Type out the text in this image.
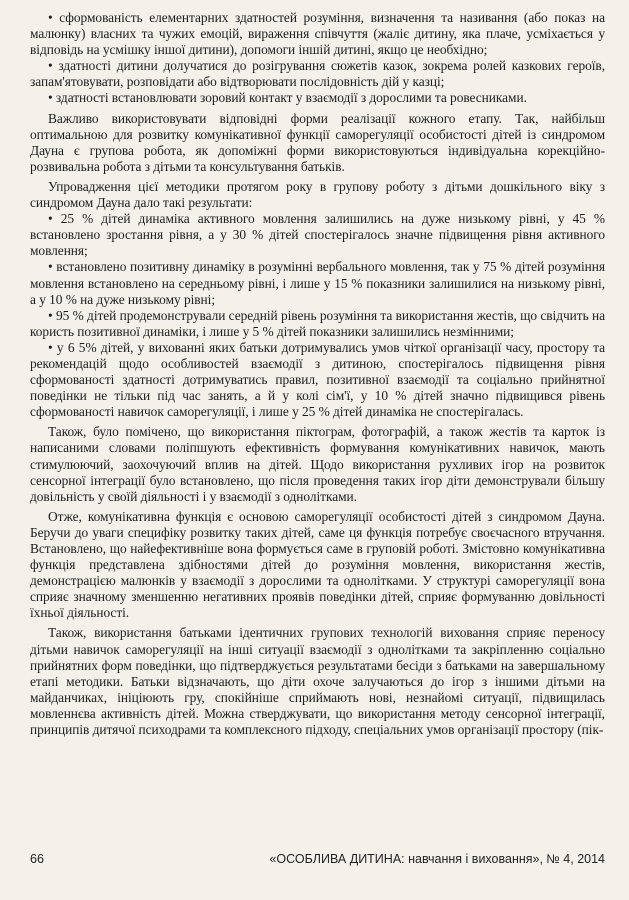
• сформованість елементарних здатностей розуміння, визначення та називання (або показ на малюнку) власних та чужих емоцій, вираження співчуття (жаліє дитину, яка плаче, усміхається у відповідь на усмішку іншої дитини), допомоги іншій дитині, якщо це необхідно;

• здатності дитини долучатися до розігрування сюжетів казок, зокрема ролей казкових героїв, запам'ятовувати, розповідати або відтворювати послідовність дій у казці;

• здатності встановлювати зоровий контакт у взаємодії з дорослими та ровесниками.

Важливо використовувати відповідні форми реалізації кожного етапу. Так, найбільш оптимальною для розвитку комунікативної функції саморегуляції особистості дітей із синдромом Дауна є групова робота, як допоміжні форми використовуються індивідуальна корекційно-розвивальна робота з дітьми та консультування батьків.

Упровадження цієї методики протягом року в групову роботу з дітьми дошкільного віку з синдромом Дауна дало такі результати:

• 25 % дітей динаміка активного мовлення залишились на дуже низькому рівні, у 45 % встановлено зростання рівня, а у 30 % дітей спостерігалось значне підвищення рівня активного мовлення;

• встановлено позитивну динаміку в розумінні вербального мовлення, так у 75 % дітей розуміння мовлення встановлено на середньому рівні, і лише у 15 % показники залишилися на низькому рівні, а у 10 % на дуже низькому рівні;

• 95 % дітей продемонстрували середній рівень розуміння та використання жестів, що свідчить на користь позитивної динаміки, і лише у 5 % дітей показники залишились незмінними;

• у 6 5% дітей, у вихованні яких батьки дотримувались умов чіткої організації часу, простору та рекомендацій щодо особливостей взаємодії з дитиною, спостерігалось підвищення рівня сформованості здатності дотримуватись правил, позитивної взаємодії та соціально прийнятної поведінки не тільки під час занять, а й у колі сім'ї, у 10 % дітей значно підвищився рівень сформованості навичок саморегуляції, і лише у 25 % дітей динаміка не спостерігалась.

Також, було помічено, що використання піктограм, фотографій, а також жестів та карток із написаними словами поліпшують ефективність формування комунікативних навичок, мають стимулюючий, заохочуючий вплив на дітей. Щодо використання рухливих ігор на розвиток сенсорної інтеграції було встановлено, що після проведення таких ігор діти демонстрували більшу довільність у своїй діяльності і у взаємодії з однолітками.

Отже, комунікативна функція є основою саморегуляції особистості дітей з синдромом Дауна. Беручи до уваги специфіку розвитку таких дітей, саме ця функція потребує своєчасного втручання. Встановлено, що найефективніше вона формується саме в груповій роботі. Змістовно комунікативна функція представлена здібностями дітей до розуміння мовлення, використання жестів, демонстрацією малюнків у взаємодії з дорослими та однолітками. У структурі саморегуляції вона сприяє значному зменшенню негативних проявів поведінки дітей, сприяє формуванню довільності їхньої діяльності.

Також, використання батьками ідентичних групових технологій виховання сприяє переносу дітьми навичок саморегуляції на інші ситуації взаємодії з однолітками та закріпленню соціально прийнятних форм поведінки, що підтверджується результатами бесіди з батьками на завершальному етапі методики. Батьки відзначають, що діти охоче залучаються до ігор з іншими дітьми на майданчиках, ініціюють гру, спокійніше сприймають нові, незнайомі ситуації, підвищилась мовленнєва активність дітей. Можна стверджувати, що використання методу сенсорної інтеграції, принципів дитячої психодрами та комплексного підходу, спеціальних умов організації простору (пік-

66	«ОСОБЛИВА ДИТИНА: навчання і виховання», № 4, 2014
